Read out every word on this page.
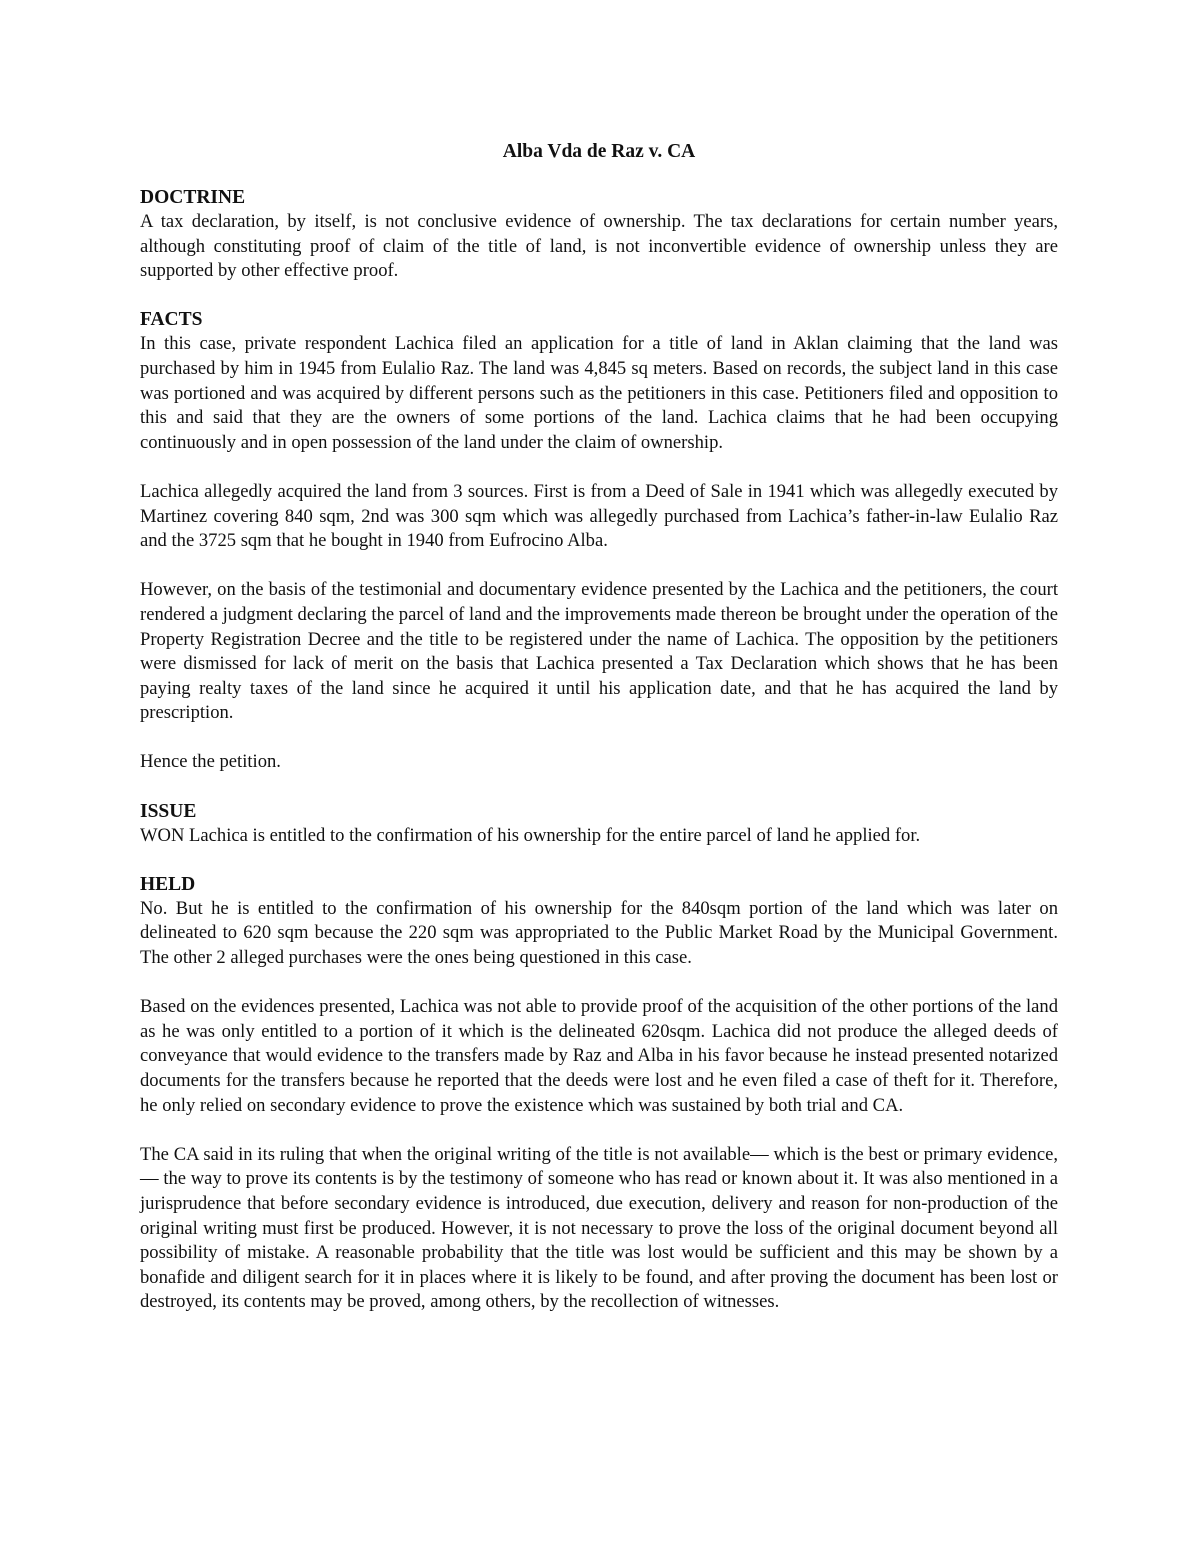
Alba Vda de Raz v. CA
DOCTRINE

A tax declaration, by itself, is not conclusive evidence of ownership. The tax declarations for certain number years, although constituting proof of claim of the title of land, is not inconvertible evidence of ownership unless they are supported by other effective proof.

FACTS

In this case, private respondent Lachica filed an application for a title of land in Aklan claiming that the land was purchased by him in 1945 from Eulalio Raz. The land was 4,845 sq meters. Based on records, the subject land in this case was portioned and was acquired by different persons such as the petitioners in this case. Petitioners filed and opposition to this and said that they are the owners of some portions of the land. Lachica claims that he had been occupying continuously and in open possession of the land under the claim of ownership.

Lachica allegedly acquired the land from 3 sources. First is from a Deed of Sale in 1941 which was allegedly executed by Martinez covering 840 sqm, 2nd was 300 sqm which was allegedly purchased from Lachica’s father-in-law Eulalio Raz and the 3725 sqm that he bought in 1940 from Eufrocino Alba.

However, on the basis of the testimonial and documentary evidence presented by the Lachica and the petitioners, the court rendered a judgment declaring the parcel of land and the improvements made thereon be brought under the operation of the Property Registration Decree and the title to be registered under the name of Lachica. The opposition by the petitioners were dismissed for lack of merit on the basis that Lachica presented a Tax Declaration which shows that he has been paying realty taxes of the land since he acquired it until his application date, and that he has acquired the land by prescription.

Hence the petition.

ISSUE

WON Lachica is entitled to the confirmation of his ownership for the entire parcel of land he applied for.

HELD

No. But he is entitled to the confirmation of his ownership for the 840sqm portion of the land which was later on delineated to 620 sqm because the 220 sqm was appropriated to the Public Market Road by the Municipal Government. The other 2 alleged purchases were the ones being questioned in this case.

Based on the evidences presented, Lachica was not able to provide proof of the acquisition of the other portions of the land as he was only entitled to a portion of it which is the delineated 620sqm. Lachica did not produce the alleged deeds of conveyance that would evidence to the transfers made by Raz and Alba in his favor because he instead presented notarized documents for the transfers because he reported that the deeds were lost and he even filed a case of theft for it. Therefore, he only relied on secondary evidence to prove the existence which was sustained by both trial and CA.

The CA said in its ruling that when the original writing of the title is not available— which is the best or primary evidence,— the way to prove its contents is by the testimony of someone who has read or known about it. It was also mentioned in a jurisprudence that before secondary evidence is introduced, due execution, delivery and reason for non-production of the original writing must first be produced. However, it is not necessary to prove the loss of the original document beyond all possibility of mistake. A reasonable probability that the title was lost would be sufficient and this may be shown by a bonafide and diligent search for it in places where it is likely to be found, and after proving the document has been lost or destroyed, its contents may be proved, among others, by the recollection of witnesses.
